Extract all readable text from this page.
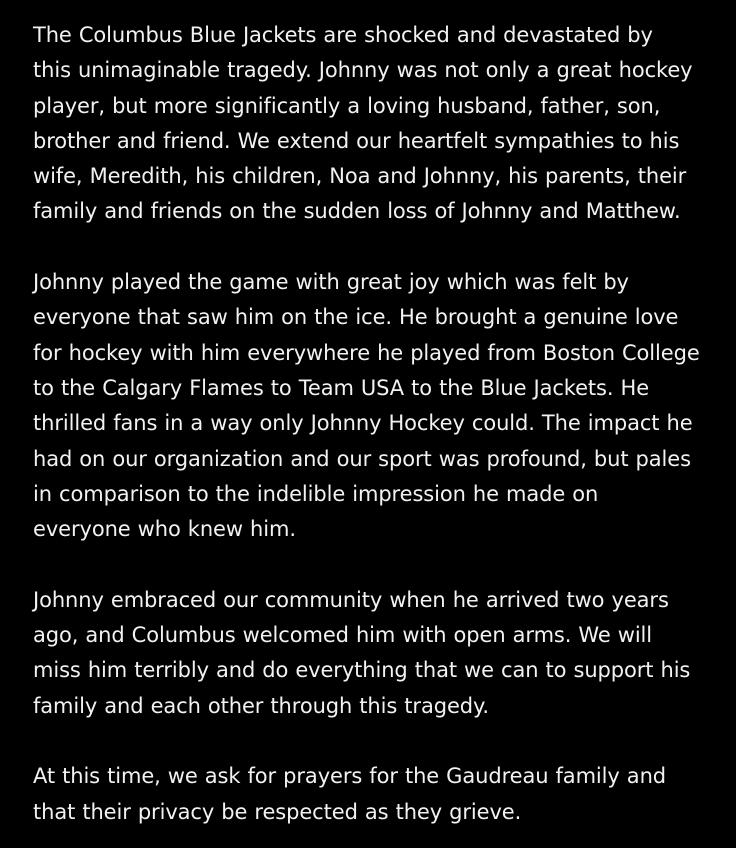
The Columbus Blue Jackets are shocked and devastated by
this unimaginable tragedy. Johnny was not only a great hockey
player, but more significantly a loving husband, father, son,
brother and friend. We extend our heartfelt sympathies to his
wife, Meredith, his children, Noa and Johnny, his parents, their
family and friends on the sudden loss of Johnny and Matthew.

Johnny played the game with great joy which was felt by
everyone that saw him on the ice. He brought a genuine love
for hockey with him everywhere he played from Boston College
to the Calgary Flames to Team USA to the Blue Jackets. He
thrilled fans in a way only Johnny Hockey could. The impact he
had on our organization and our sport was profound, but pales
in comparison to the indelible impression he made on
everyone who knew him.

Johnny embraced our community when he arrived two years
ago, and Columbus welcomed him with open arms. We will
miss him terribly and do everything that we can to support his
family and each other through this tragedy.

At this time, we ask for prayers for the Gaudreau family and
that their privacy be respected as they grieve.
